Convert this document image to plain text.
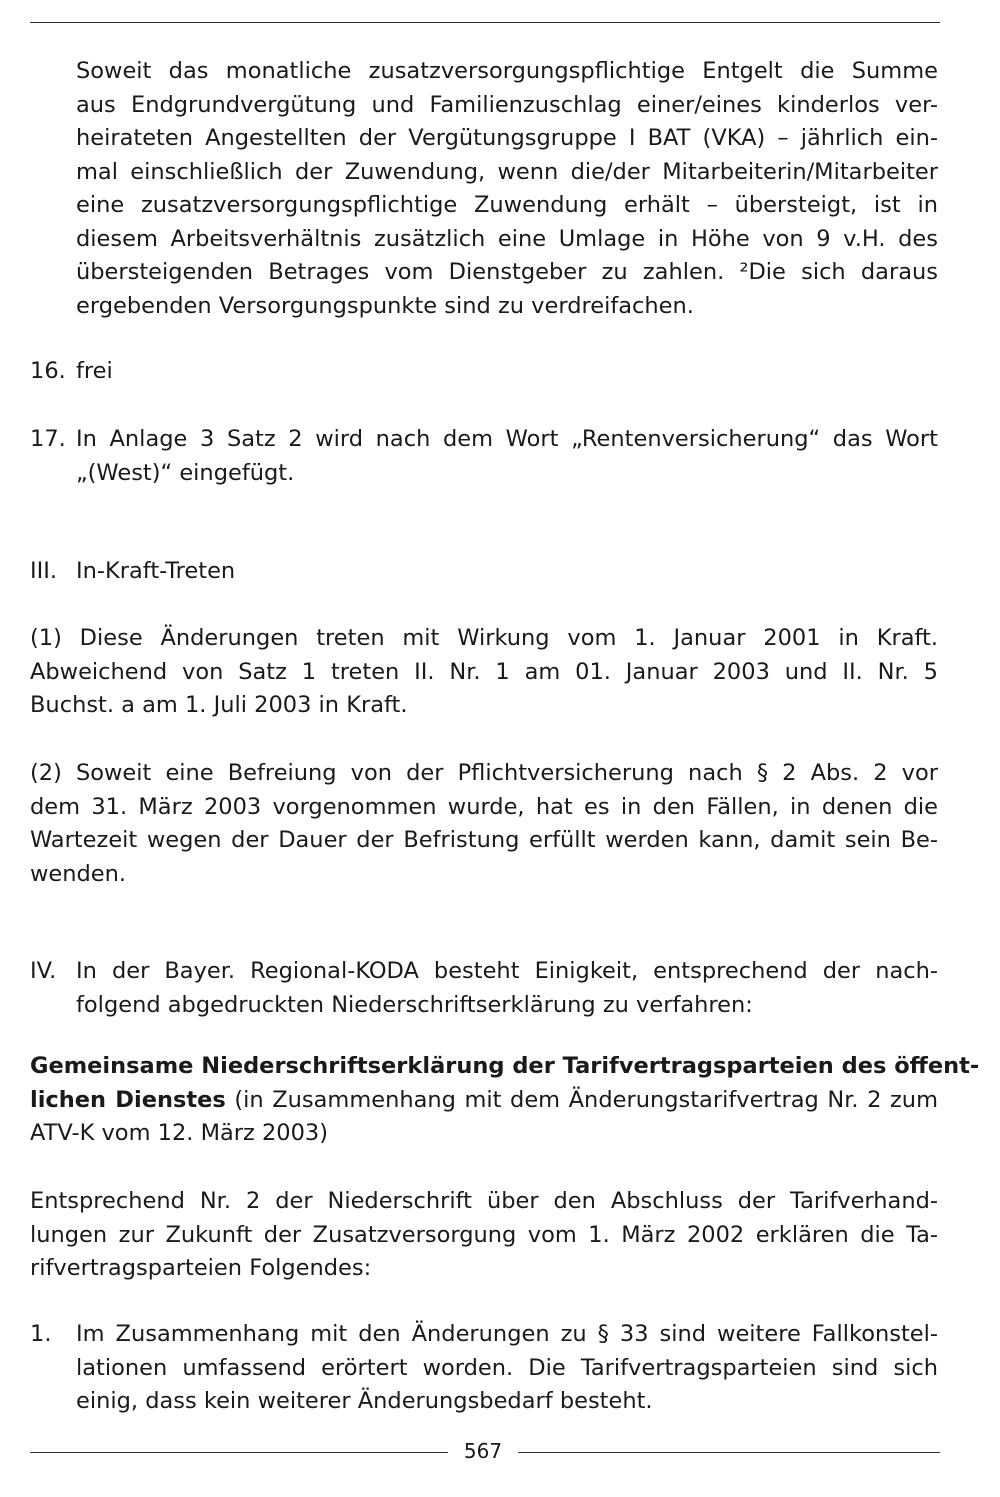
Soweit das monatliche zusatzversorgungspflichtige Entgelt die Summe
aus Endgrundvergütung und Familienzuschlag einer/eines kinderlos ver-
heirateten Angestellten der Vergütungsgruppe I BAT (VKA) – jährlich ein-
mal einschließlich der Zuwendung, wenn die/der Mitarbeiterin/Mitarbeiter
eine zusatzversorgungspflichtige Zuwendung erhält – übersteigt, ist in
diesem Arbeitsverhältnis zusätzlich eine Umlage in Höhe von 9 v.H. des
übersteigenden Betrages vom Dienstgeber zu zahlen. ²Die sich daraus
ergebenden Versorgungspunkte sind zu verdreifachen.
16. frei
17. In Anlage 3 Satz 2 wird nach dem Wort „Rentenversicherung“ das Wort
„(West)“ eingefügt.
III. In-Kraft-Treten
(1) Diese Änderungen treten mit Wirkung vom 1. Januar 2001 in Kraft.
Abweichend von Satz 1 treten II. Nr. 1 am 01. Januar 2003 und II. Nr. 5
Buchst. a am 1. Juli 2003 in Kraft.
(2) Soweit eine Befreiung von der Pflichtversicherung nach § 2 Abs. 2 vor
dem 31. März 2003 vorgenommen wurde, hat es in den Fällen, in denen die
Wartezeit wegen der Dauer der Befristung erfüllt werden kann, damit sein Be-
wenden.
IV. In der Bayer. Regional-KODA besteht Einigkeit, entsprechend der nach-
folgend abgedruckten Niederschriftserklärung zu verfahren:
Gemeinsame Niederschriftserklärung der Tarifvertragsparteien des öffent-
lichen Dienstes (in Zusammenhang mit dem Änderungstarifvertrag Nr. 2 zum
ATV-K vom 12. März 2003)
Entsprechend Nr. 2 der Niederschrift über den Abschluss der Tarifverhand-
lungen zur Zukunft der Zusatzversorgung vom 1. März 2002 erklären die Ta-
rifvertragsparteien Folgendes:
1. Im Zusammenhang mit den Änderungen zu § 33 sind weitere Fallkonstel-
lationen umfassend erörtert worden. Die Tarifvertragsparteien sind sich
einig, dass kein weiterer Änderungsbedarf besteht.
567
